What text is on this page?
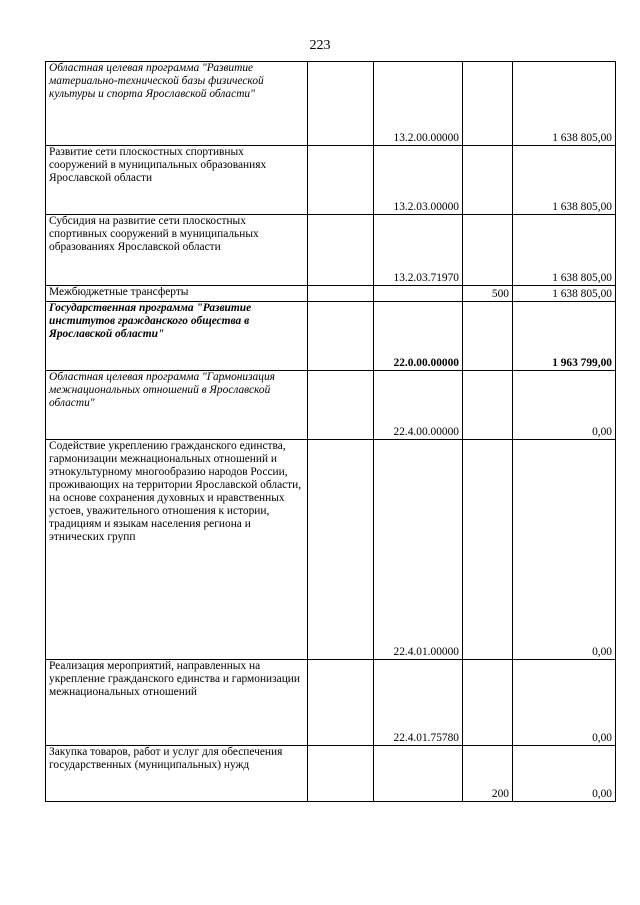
223
Областная целевая программа "Развитие материально-технической базы физической культуры и спорта Ярославской области"		13.2.00.00000		1 638 805,00
Развитие сети плоскостных спортивных сооружений в муниципальных образованиях Ярославской области		13.2.03.00000		1 638 805,00
Субсидия на развитие сети плоскостных спортивных сооружений в муниципальных образованиях Ярославской области		13.2.03.71970		1 638 805,00
Межбюджетные трансферты			500	1 638 805,00
Государственная программа "Развитие институтов гражданского общества в Ярославской области"		22.0.00.00000		1 963 799,00
Областная целевая программа "Гармонизация межнациональных отношений в Ярославской области"		22.4.00.00000		0,00
Содействие укреплению гражданского единства, гармонизации межнациональных отношений и этнокультурному многообразию народов России, проживающих на территории Ярославской области, на основе сохранения духовных и нравственных устоев, уважительного отношения к истории, традициям и языкам населения региона и этнических групп		22.4.01.00000		0,00
Реализация мероприятий, направленных на укрепление гражданского единства и гармонизации межнациональных отношений		22.4.01.75780		0,00
Закупка товаров, работ и услуг для обеспечения государственных (муниципальных) нужд			200	0,00
